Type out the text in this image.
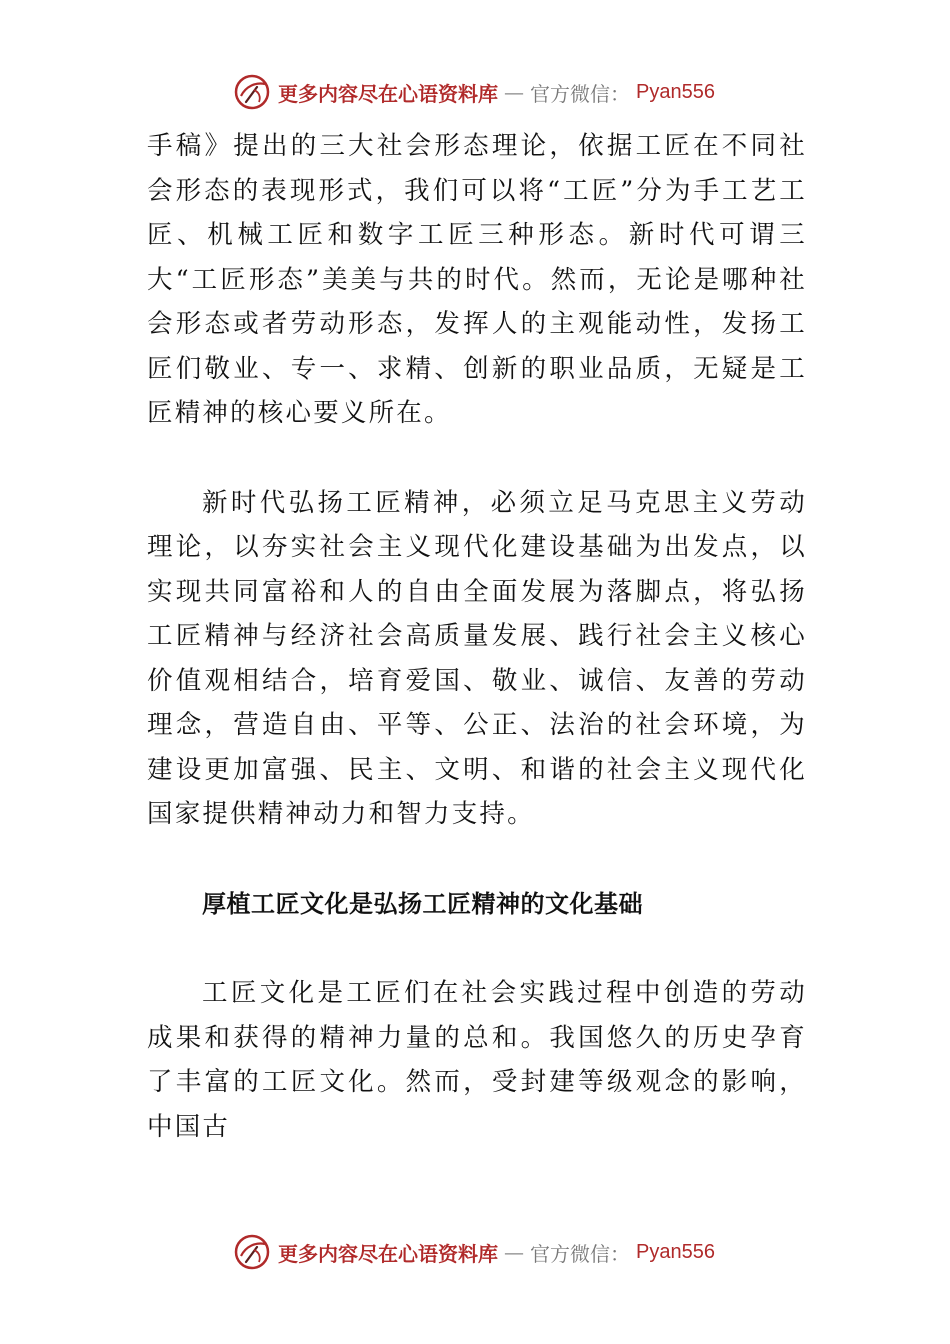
更多内容尽在心语资料库 — 官方微信： Pyan556

手稿》提出的三大社会形态理论，依据工匠在不同社会形态的表现形式，我们可以将“工匠”分为手工艺工匠、机械工匠和数字工匠三种形态。新时代可谓三大“工匠形态”美美与共的时代。然而，无论是哪种社会形态或者劳动形态，发挥人的主观能动性，发扬工匠们敬业、专一、求精、创新的职业品质，无疑是工匠精神的核心要义所在。

新时代弘扬工匠精神，必须立足马克思主义劳动理论，以夯实社会主义现代化建设基础为出发点，以实现共同富裕和人的自由全面发展为落脚点，将弘扬工匠精神与经济社会高质量发展、践行社会主义核心价值观相结合，培育爱国、敬业、诚信、友善的劳动理念，营造自由、平等、公正、法治的社会环境，为建设更加富强、民主、文明、和谐的社会主义现代化国家提供精神动力和智力支持。

厚植工匠文化是弘扬工匠精神的文化基础

工匠文化是工匠们在社会实践过程中创造的劳动成果和获得的精神力量的总和。我国悠久的历史孕育了丰富的工匠文化。然而，受封建等级观念的影响，中国古

更多内容尽在心语资料库 — 官方微信： Pyan556
